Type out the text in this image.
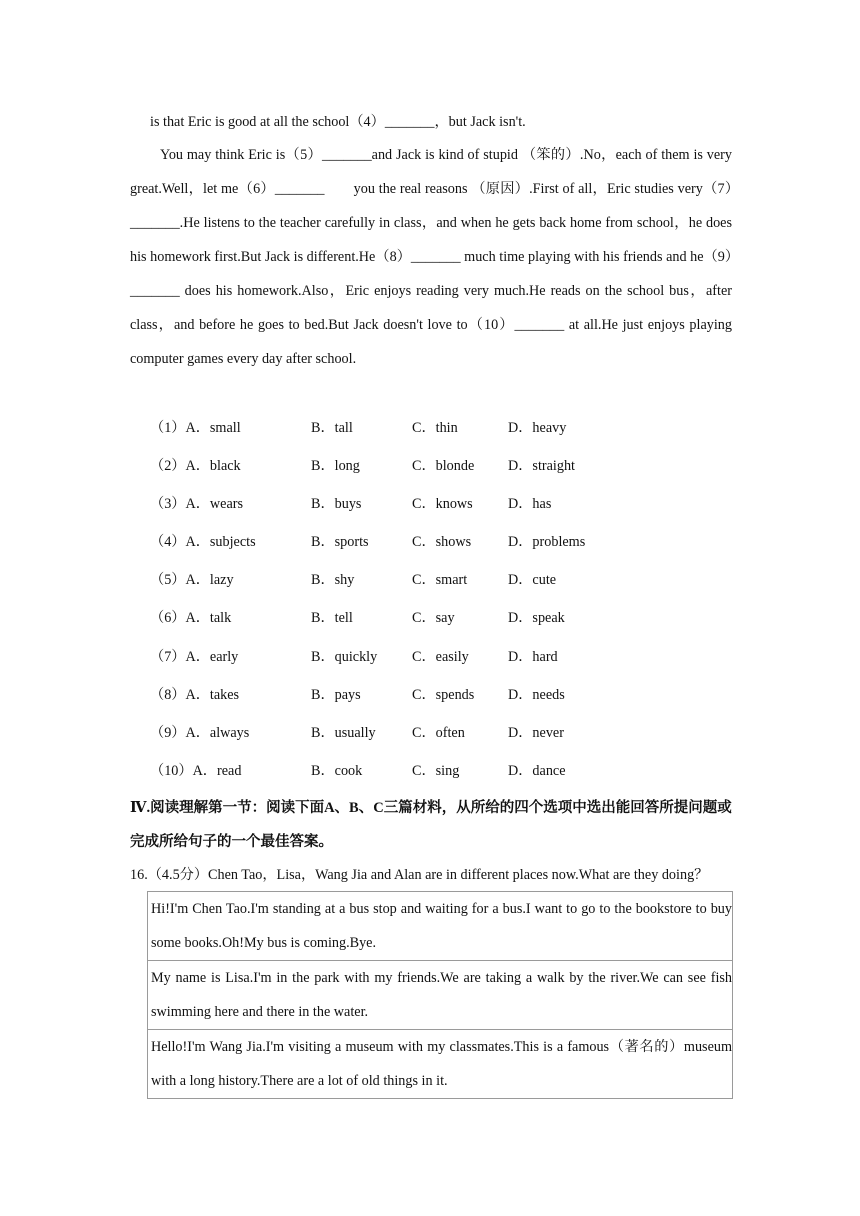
is that Eric is good at all the school（4）_______，but Jack isn't.
You may think Eric is（5）_______and Jack is kind of stupid （笨的）.No，each of them is very great.Well，let me（6）_______　　you the real reasons （原因）.First of all，Eric studies very（7）_______.He listens to the teacher carefully in class，and when he gets back home from school，he does his homework first.But Jack is different.He（8）_______ much time playing with his friends and he（9）_______ does his homework.Also，Eric enjoys reading very much.He reads on the school bus，after class，and before he goes to bed.But Jack doesn't love to（10）_______ at all.He just enjoys playing computer games every day after school.
（1）A．small	B．tall	C．thin	D．heavy
（2）A．black	B．long	C．blonde D．straight
（3）A．wears	B．buys	C．knows D．has
（4）A．subjects	B．sports	C．shows	D．problems
（5）A．lazy	B．shy	C．smart	D．cute
（6）A．talk	B．tell	C．say	D．speak
（7）A．early	B．quickly C．easily	D．hard
（8）A．takes	B．pays	C．spends D．needs
（9）A．always	B．usually	C．often	D．never
（10）A．read	B．cook	C．sing	D．dance
Ⅳ.阅读理解第一节：阅读下面A、B、C三篇材料，从所给的四个选项中选出能回答所提问题或完成所给句子的一个最佳答案。
16.（4.5分）Chen Tao，Lisa，Wang Jia and Alan are in different places now.What are they doing？
Hi!I'm Chen Tao.I'm standing at a bus stop and waiting for a bus.I want to go to the bookstore to buy some books.Oh!My bus is coming.Bye.
My name is Lisa.I'm in the park with my friends.We are taking a walk by the river.We can see fish swimming here and there in the water.
Hello!I'm Wang Jia.I'm visiting a museum with my classmates.This is a famous（著名的）museum with a long history.There are a lot of old things in it.
